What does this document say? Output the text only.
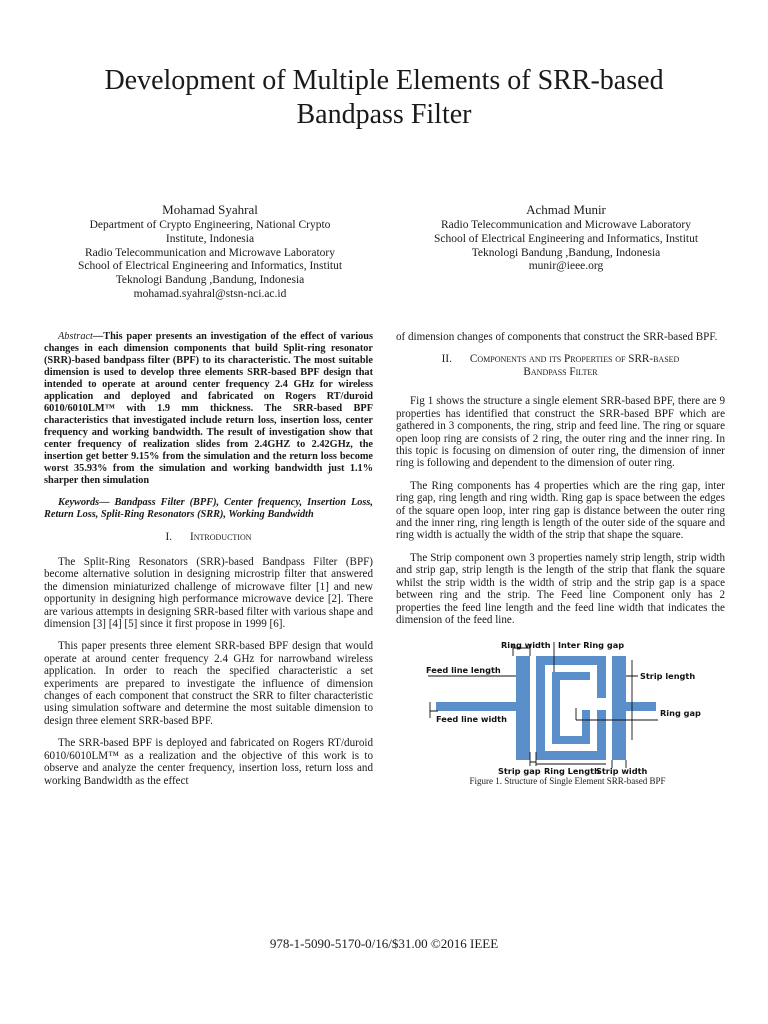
Development of Multiple Elements of SRR-based
Bandpass Filter
Mohamad Syahral
Department of Crypto Engineering, National Crypto
Institute, Indonesia
Radio Telecommunication and Microwave Laboratory
School of Electrical Engineering and Informatics, Institut
Teknologi Bandung ,Bandung, Indonesia
mohamad.syahral@stsn-nci.ac.id
Achmad Munir
Radio Telecommunication and Microwave Laboratory
School of Electrical Engineering and Informatics, Institut
Teknologi Bandung ,Bandung, Indonesia
munir@ieee.org

Abstract—This paper presents an investigation of the effect of various changes in each dimension components that build Split-ring resonator (SRR)-based bandpass filter (BPF) to its characteristic. The most suitable dimension is used to develop three elements SRR-based BPF design that intended to operate at around center frequency 2.4 GHz for wireless application and deployed and fabricated on Rogers RT/duroid 6010/6010LM™ with 1.9 mm thickness. The SRR-based BPF characteristics that investigated include return loss, insertion loss, center frequency and working bandwidth. The result of investigation show that center frequency of realization slides from 2.4GHZ to 2.42GHz, the insertion get better 9.15% from the simulation and the return loss become worst 35.93% from the simulation and working bandwidth just 1.1% sharper then simulation

Keywords— Bandpass Filter (BPF), Center frequency, Insertion Loss, Return Loss, Split-Ring Resonators (SRR), Working Bandwidth

I. Introduction

The Split-Ring Resonators (SRR)-based Bandpass Filter (BPF) become alternative solution in designing microstrip filter that answered the dimension miniaturized challenge of microwave filter [1] and new opportunity in designing high performance microwave device [2]. There are various attempts in designing SRR-based filter with various shape and dimension [3] [4] [5] since it first propose in 1999 [6].

This paper presents three element SRR-based BPF design that would operate at around center frequency 2.4 GHz for narrowband wireless application. In order to reach the specified characteristic a set experiments are prepared to investigate the influence of dimension changes of each component that construct the SRR to filter characteristic using simulation software and determine the most suitable dimension to design three element SRR-based BPF.

The SRR-based BPF is deployed and fabricated on Rogers RT/duroid 6010/6010LM™ as a realization and the objective of this work is to observe and analyze the center frequency, insertion loss, return loss and working Bandwidth as the effect

of dimension changes of components that construct the SRR-based BPF.

II. Components and its Properties of SRR-based
Bandpass Filter

Fig 1 shows the structure a single element SRR-based BPF, there are 9 properties has identified that construct the SRR-based BPF which are gathered in 3 components, the ring, strip and feed line. The ring or square open loop ring are consists of 2 ring, the outer ring and the inner ring. In this topic is focusing on dimension of outer ring, the dimension of inner ring is following and dependent to the dimension of outer ring.

The Ring components has 4 properties which are the ring gap, inter ring gap, ring length and ring width. Ring gap is space between the edges of the square open loop, inter ring gap is distance between the outer ring and the inner ring, ring length is length of the outer side of the square and ring width is actually the width of the strip that shape the square.

The Strip component own 3 properties namely strip length, strip width and strip gap, strip length is the length of the strip that flank the square whilst the strip width is the width of strip and the strip gap is a space between ring and the strip. The Feed line Component only has 2 properties the feed line length and the feed line width that indicates the dimension of the feed line.

Ring width Inter Ring gap
Feed line length
Strip length
Feed line width
Ring gap
Strip gap Ring Length
Strip width

Figure 1. Structure of Single Element SRR-based BPF

978-1-5090-5170-0/16/$31.00 ©2016 IEEE
